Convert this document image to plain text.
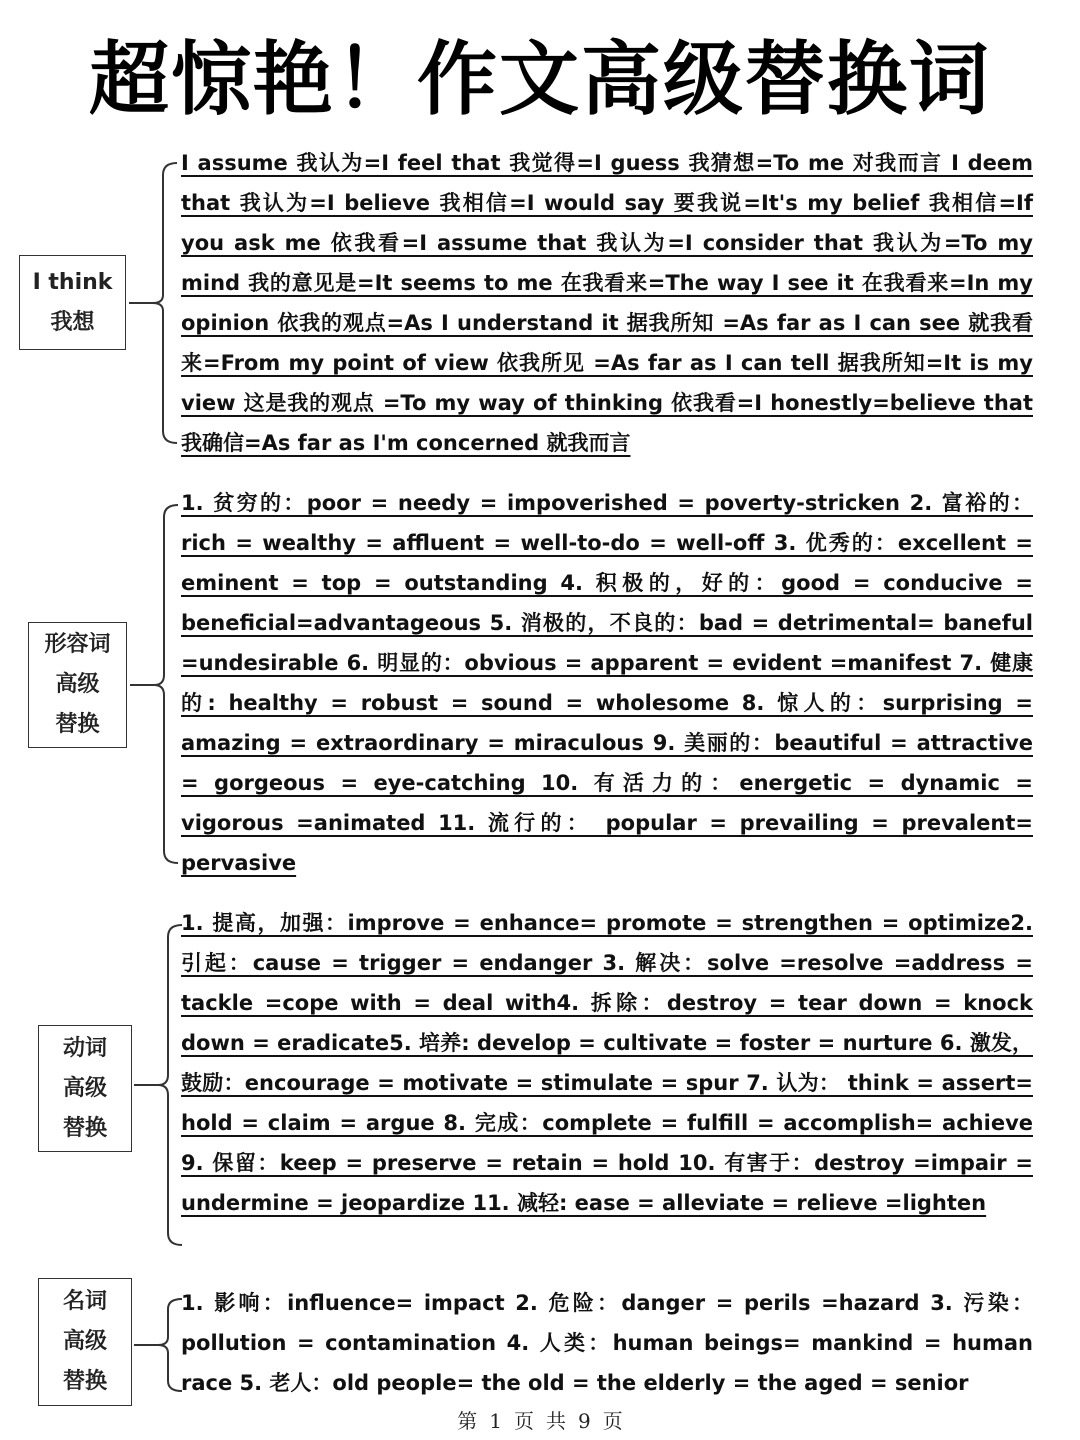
超惊艳！作文高级替换词
I think
我想
I assume 我认为=I feel that 我觉得=I guess 我猜想=To me 对我而言 I deem that 我认为=I believe 我相信=I would say 要我说=It's my belief 我相信=If you ask me 依我看=I assume that 我认为=I consider that 我认为=To my mind 我的意见是=It seems to me 在我看来=The way I see it 在我看来=In my opinion 依我的观点=As I understand it 据我所知 =As far as I can see 就我看来=From my point of view 依我所见 =As far as I can tell 据我所知=It is my view 这是我的观点 =To my way of thinking 依我看=I honestly=believe that 我确信=As far as I'm concerned 就我而言
形容词
高级
替换
1. 贫穷的：poor = needy = impoverished = poverty-stricken 2. 富裕的：rich = wealthy = affluent = well-to-do = well-off 3. 优秀的：excellent = eminent = top = outstanding 4. 积极的，好的：good = conducive = beneficial=advantageous 5. 消极的，不良的：bad = detrimental= baneful =undesirable 6. 明显的：obvious = apparent = evident =manifest 7. 健康的: healthy = robust = sound = wholesome 8. 惊人的：surprising = amazing = extraordinary = miraculous 9. 美丽的：beautiful = attractive = gorgeous = eye-catching 10. 有活力的：energetic = dynamic = vigorous =animated 11. 流行的： popular = prevailing = prevalent= pervasive
动词
高级
替换
1. 提高，加强：improve = enhance= promote = strengthen = optimize2. 引起：cause = trigger = endanger 3. 解决：solve =resolve =address = tackle =cope with = deal with4. 拆除：destroy = tear down = knock down = eradicate5. 培养: develop = cultivate = foster = nurture 6. 激发，鼓励：encourage = motivate = stimulate = spur 7. 认为： think = assert= hold = claim = argue 8. 完成：complete = fulfill = accomplish= achieve 9. 保留：keep = preserve = retain = hold 10. 有害于：destroy =impair = undermine = jeopardize 11. 减轻: ease = alleviate = relieve =lighten
名词
高级
替换
1. 影响：influence= impact 2. 危险：danger = perils =hazard 3. 污染：pollution = contamination 4. 人类：human beings= mankind = human race 5. 老人：old people= the old = the elderly = the aged = senior
第 1 页 共 9 页
